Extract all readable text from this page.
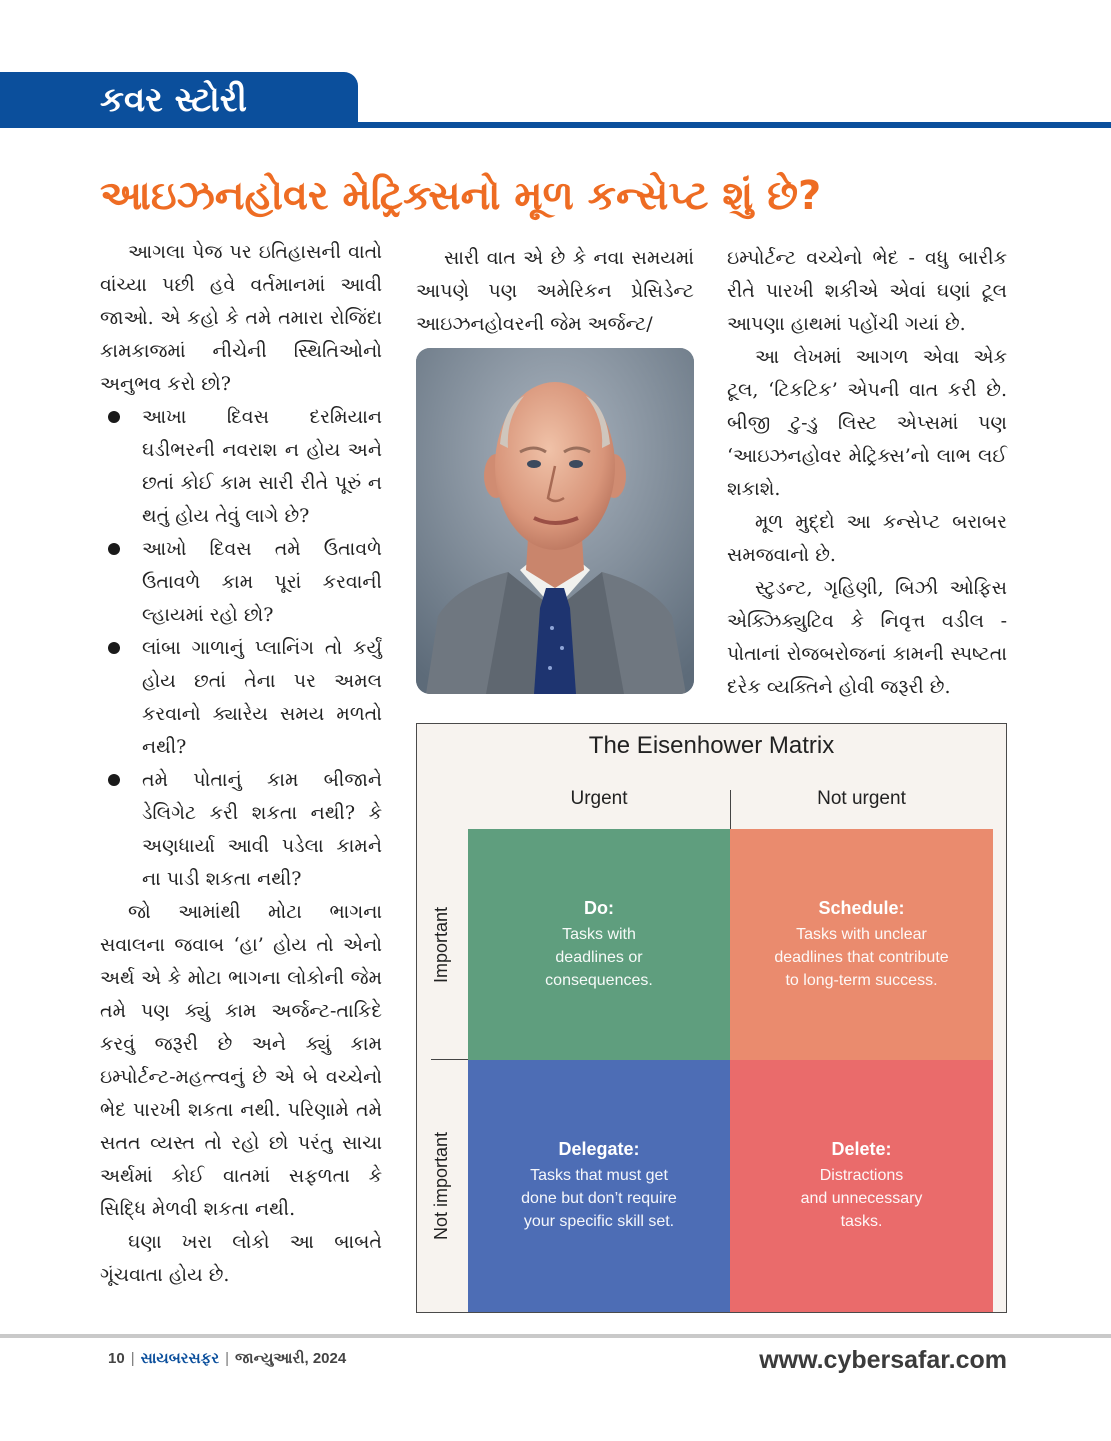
કવર સ્ટોરી
આઇઝનહોવર મેટ્રિક્સનો મૂળ કન્સેપ્ટ શું છે?

આગલા પેજ પર ઇતિહાસની વાતો વાંચ્યા પછી હવે વર્તમાનમાં આવી જાઓ. એ કહો કે તમે તમારા રોજિંદા કામકાજમાં નીચેની સ્થિતિઓનો અનુભવ કરો છો?

આખા દિવસ દરમિયાન ઘડીભરની નવરાશ ન હોય અને છતાં કોઈ કામ સારી રીતે પૂરું ન થતું હોય તેવું લાગે છે?
આખો દિવસ તમે ઉતાવળે ઉતાવળે કામ પૂરાં કરવાની લ્હાયમાં રહો છો?
લાંબા ગાળાનું પ્લાનિંગ તો કર્યું હોય છતાં તેના પર અમલ કરવાનો ક્યારેય સમય મળતો નથી?
તમે પોતાનું કામ બીજાને ડેલિગેટ કરી શકતા નથી? કે અણધાર્યા આવી પડેલા કામને ના પાડી શકતા નથી?

જો આમાંથી મોટા ભાગના સવાલના જવાબ ‘હા’ હોય તો એનો અર્થ એ કે મોટા ભાગના લોકોની જેમ તમે પણ ક્યું કામ અર્જન્ટ-તાકિદે કરવું જરૂરી છે અને ક્યું કામ ઇમ્પોર્ટન્ટ-મહત્ત્વનું છે એ બે વચ્ચેનો ભેદ પારખી શકતા નથી. પરિણામે તમે સતત વ્યસ્ત તો રહો છો પરંતુ સાચા અર્થમાં કોઈ વાતમાં સફળતા કે સિદ્ધિ મેળવી શકતા નથી.

ઘણા ખરા લોકો આ બાબતે ગૂંચવાતા હોય છે.

સારી વાત એ છે કે નવા સમયમાં આપણે પણ અમેરિકન પ્રેસિડેન્ટ આઇઝનહોવરની જેમ અર્જન્ટ/

ઇમ્પોર્ટન્ટ વચ્ચેનો ભેદ - વધુ બારીક રીતે પારખી શકીએ એવાં ઘણાં ટૂલ આપણા હાથમાં પહોંચી ગયાં છે.

આ લેખમાં આગળ એવા એક ટૂલ, ‘ટિકટિક’ એપની વાત કરી છે. બીજી ટુ-ડુ લિસ્ટ એપ્સમાં પણ ‘આઇઝનહોવર મેટ્રિક્સ’નો લાભ લઈ શકાશે.

મૂળ મુદ્દો આ કન્સેપ્ટ બરાબર સમજવાનો છે.

સ્ટુડન્ટ, ગૃહિણી, બિઝી ઓફિસ એક્ઝિક્યુટિવ કે નિવૃત્ત વડીલ - પોતાનાં રોજબરોજનાં કામની સ્પષ્ટતા દરેક વ્યક્તિને હોવી જરૂરી છે.

The Eisenhower Matrix
Urgent	Not urgent
Important
Not important
Do:
Tasks with
deadlines or
consequences.
Schedule:
Tasks with unclear
deadlines that contribute
to long-term success.
Delegate:
Tasks that must get
done but don’t require
your specific skill set.
Delete:
Distractions
and unnecessary
tasks.
10 | સાયબરસફર | જાન્યુઆરી, 2024	www.cybersafar.com
